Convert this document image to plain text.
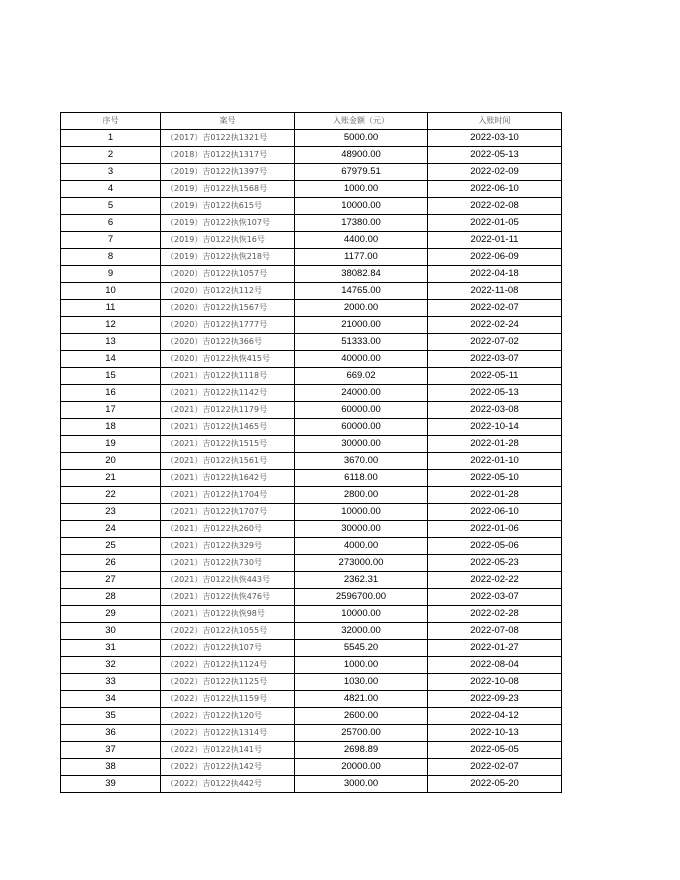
序号	案号	入账金额（元）	入账时间
1	（2017）吉0122执1321号	5000.00	2022-03-10
2	（2018）吉0122执1317号	48900.00	2022-05-13
3	（2019）吉0122执1397号	67979.51	2022-02-09
4	（2019）吉0122执1568号	1000.00	2022-06-10
5	（2019）吉0122执615号	10000.00	2022-02-08
6	（2019）吉0122执恢107号	17380.00	2022-01-05
7	（2019）吉0122执恢16号	4400.00	2022-01-11
8	（2019）吉0122执恢218号	1177.00	2022-06-09
9	（2020）吉0122执1057号	38082.84	2022-04-18
10	（2020）吉0122执112号	14765.00	2022-11-08
11	（2020）吉0122执1567号	2000.00	2022-02-07
12	（2020）吉0122执1777号	21000.00	2022-02-24
13	（2020）吉0122执366号	51333.00	2022-07-02
14	（2020）吉0122执恢415号	40000.00	2022-03-07
15	（2021）吉0122执1118号	669.02	2022-05-11
16	（2021）吉0122执1142号	24000.00	2022-05-13
17	（2021）吉0122执1179号	60000.00	2022-03-08
18	（2021）吉0122执1465号	60000.00	2022-10-14
19	（2021）吉0122执1515号	30000.00	2022-01-28
20	（2021）吉0122执1561号	3670.00	2022-01-10
21	（2021）吉0122执1642号	6118.00	2022-05-10
22	（2021）吉0122执1704号	2800.00	2022-01-28
23	（2021）吉0122执1707号	10000.00	2022-06-10
24	（2021）吉0122执260号	30000.00	2022-01-06
25	（2021）吉0122执329号	4000.00	2022-05-06
26	（2021）吉0122执730号	273000.00	2022-05-23
27	（2021）吉0122执恢443号	2362.31	2022-02-22
28	（2021）吉0122执恢476号	2596700.00	2022-03-07
29	（2021）吉0122执恢98号	10000.00	2022-02-28
30	（2022）吉0122执1055号	32000.00	2022-07-08
31	（2022）吉0122执107号	5545.20	2022-01-27
32	（2022）吉0122执1124号	1000.00	2022-08-04
33	（2022）吉0122执1125号	1030.00	2022-10-08
34	（2022）吉0122执1159号	4821.00	2022-09-23
35	（2022）吉0122执120号	2600.00	2022-04-12
36	（2022）吉0122执1314号	25700.00	2022-10-13
37	（2022）吉0122执141号	2698.89	2022-05-05
38	（2022）吉0122执142号	20000.00	2022-02-07
39	（2022）吉0122执442号	3000.00	2022-05-20
